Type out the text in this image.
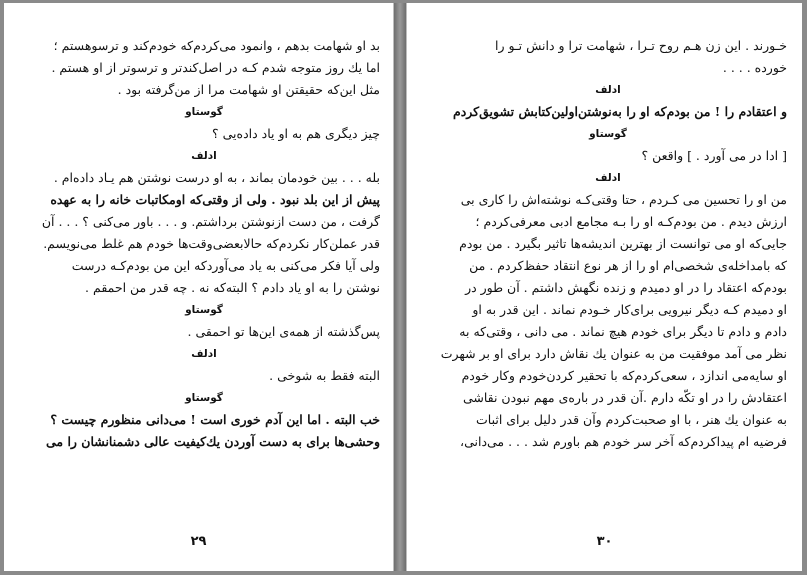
بد او شهامت بدهم ، وانمود می‌کردم‌که خودم‌کند و ترسوهستم ؛
اما یك روز متوجه شدم كـه در اصل‌كندتر و ترسوتر از او هستم .
مثل این‌که حقیقتن او شهامت مرا از من‌گرفته بود .
گوستاو
چیز دیگری هم به او یاد داده‌یی ؟
ادلف
بله . . . بین خودمان بماند ، به او درست نوشتن هم یـاد داده‌ام .
پیش از این بلد نبود . ولی از وقتی‌که اومکاتبات خانه را به عهده
گرفت ، من دست ازنوشتن برداشتم. و . . . باور می‌کنی ؟ . . . آن
قدر عملن‌کار نکردم‌که حالابعضی‌وقت‌ها خودم هم غلط می‌نویسم.
ولی آیا فکر می‌کنی به یاد می‌آورد‌که این من بودم‌کـه درست
نوشتن را به او یاد دادم ؟ البته‌که نه . چه قدر من احمقم .
گوستاو
پس‌گذشته از همه‌ی این‌ها تو احمقی .
ادلف
البته فقط به شوخی .
گوستاو
خب البته . اما این آدم خوری است ! می‌دانی منظورم چیست ؟
وحشی‌ها برای به دست آوردن یك‌كیفیت عالی دشمنانشان را می
۲۹
خـورند . این زن هـم روح تـرا ، شهامت ترا و دانش تـو را
خورده . . . .
ادلف
و اعتقادم را ! من بودم‌که او را به‌نوشتن‌اولین‌کتابش تشویق‌کردم
گوستاو
[ ادا در می آورد . ] واقعن ؟
ادلف
من او را تحسین می کـردم ، حتا وقتی‌کـه نوشته‌اش را کاری بی
ارزش دیدم . من بودم‌کـه او را بـه مجامع ادبی معرفی‌کردم ؛
جایی‌که او می توانست از بهترین اندیشه‌ها تاثیر بگیرد . من بودم
که بامداخله‌ی شخصی‌ام او را از هر نوع انتقاد حفظ‌کردم . من
بودم‌که اعتقاد را در او دمیدم و زنده نگهش داشتم . آن طور در
او دمیدم کـه دیگر نیرویی برای‌کار خـودم نماند . این قدر به او
دادم و دادم تا دیگر برای خودم هیچ نماند . می دانی ، وقتی‌که به
نظر می آمد موفقیت من به عنوان یك نقاش دارد برای او بر شهرت
او سایه‌می اندازد ، سعی‌کردم‌که با تحقیر کردن‌خودم وکار خودم
اعتقادش را در او تکّه دارم .آن قدر در باره‌ی مهم نبودن نقاشی
به عنوان یك هنر ، با او صحبت‌کردم وآن قدر دلیل برای اثبات
فرضیه ام پیداکردم‌که آخر سر خودم هم باورم شد . . . می‌دانی،
۳۰
